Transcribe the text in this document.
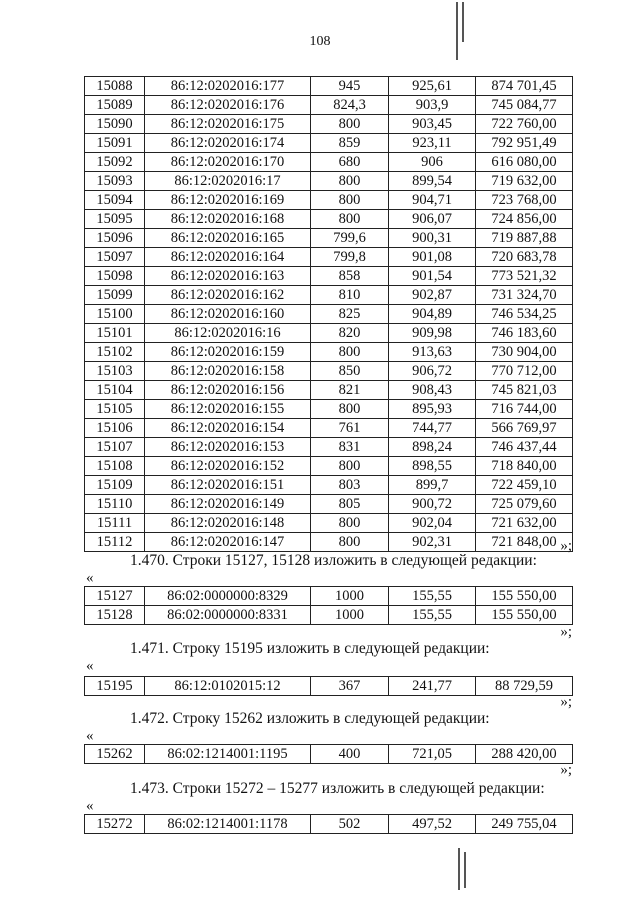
108
15088	86:12:0202016:177	945	925,61	874 701,45
15089	86:12:0202016:176	824,3	903,9	745 084,77
15090	86:12:0202016:175	800	903,45	722 760,00
15091	86:12:0202016:174	859	923,11	792 951,49
15092	86:12:0202016:170	680	906	616 080,00
15093	86:12:0202016:17	800	899,54	719 632,00
15094	86:12:0202016:169	800	904,71	723 768,00
15095	86:12:0202016:168	800	906,07	724 856,00
15096	86:12:0202016:165	799,6	900,31	719 887,88
15097	86:12:0202016:164	799,8	901,08	720 683,78
15098	86:12:0202016:163	858	901,54	773 521,32
15099	86:12:0202016:162	810	902,87	731 324,70
15100	86:12:0202016:160	825	904,89	746 534,25
15101	86:12:0202016:16	820	909,98	746 183,60
15102	86:12:0202016:159	800	913,63	730 904,00
15103	86:12:0202016:158	850	906,72	770 712,00
15104	86:12:0202016:156	821	908,43	745 821,03
15105	86:12:0202016:155	800	895,93	716 744,00
15106	86:12:0202016:154	761	744,77	566 769,97
15107	86:12:0202016:153	831	898,24	746 437,44
15108	86:12:0202016:152	800	898,55	718 840,00
15109	86:12:0202016:151	803	899,7	722 459,10
15110	86:12:0202016:149	805	900,72	725 079,60
15111	86:12:0202016:148	800	902,04	721 632,00
15112	86:12:0202016:147	800	902,31	721 848,00 »;
1.470. Строки 15127, 15128 изложить в следующей редакции:
«
15127	86:02:0000000:8329	1000	155,55	155 550,00
15128	86:02:0000000:8331	1000	155,55	155 550,00
»;
1.471. Строку 15195 изложить в следующей редакции:
«
15195	86:12:0102015:12	367	241,77	88 729,59
»;
1.472. Строку 15262 изложить в следующей редакции:
«
15262	86:02:1214001:1195	400	721,05	288 420,00
»;
1.473. Строки 15272 – 15277 изложить в следующей редакции:
«
15272	86:02:1214001:1178	502	497,52	249 755,04
